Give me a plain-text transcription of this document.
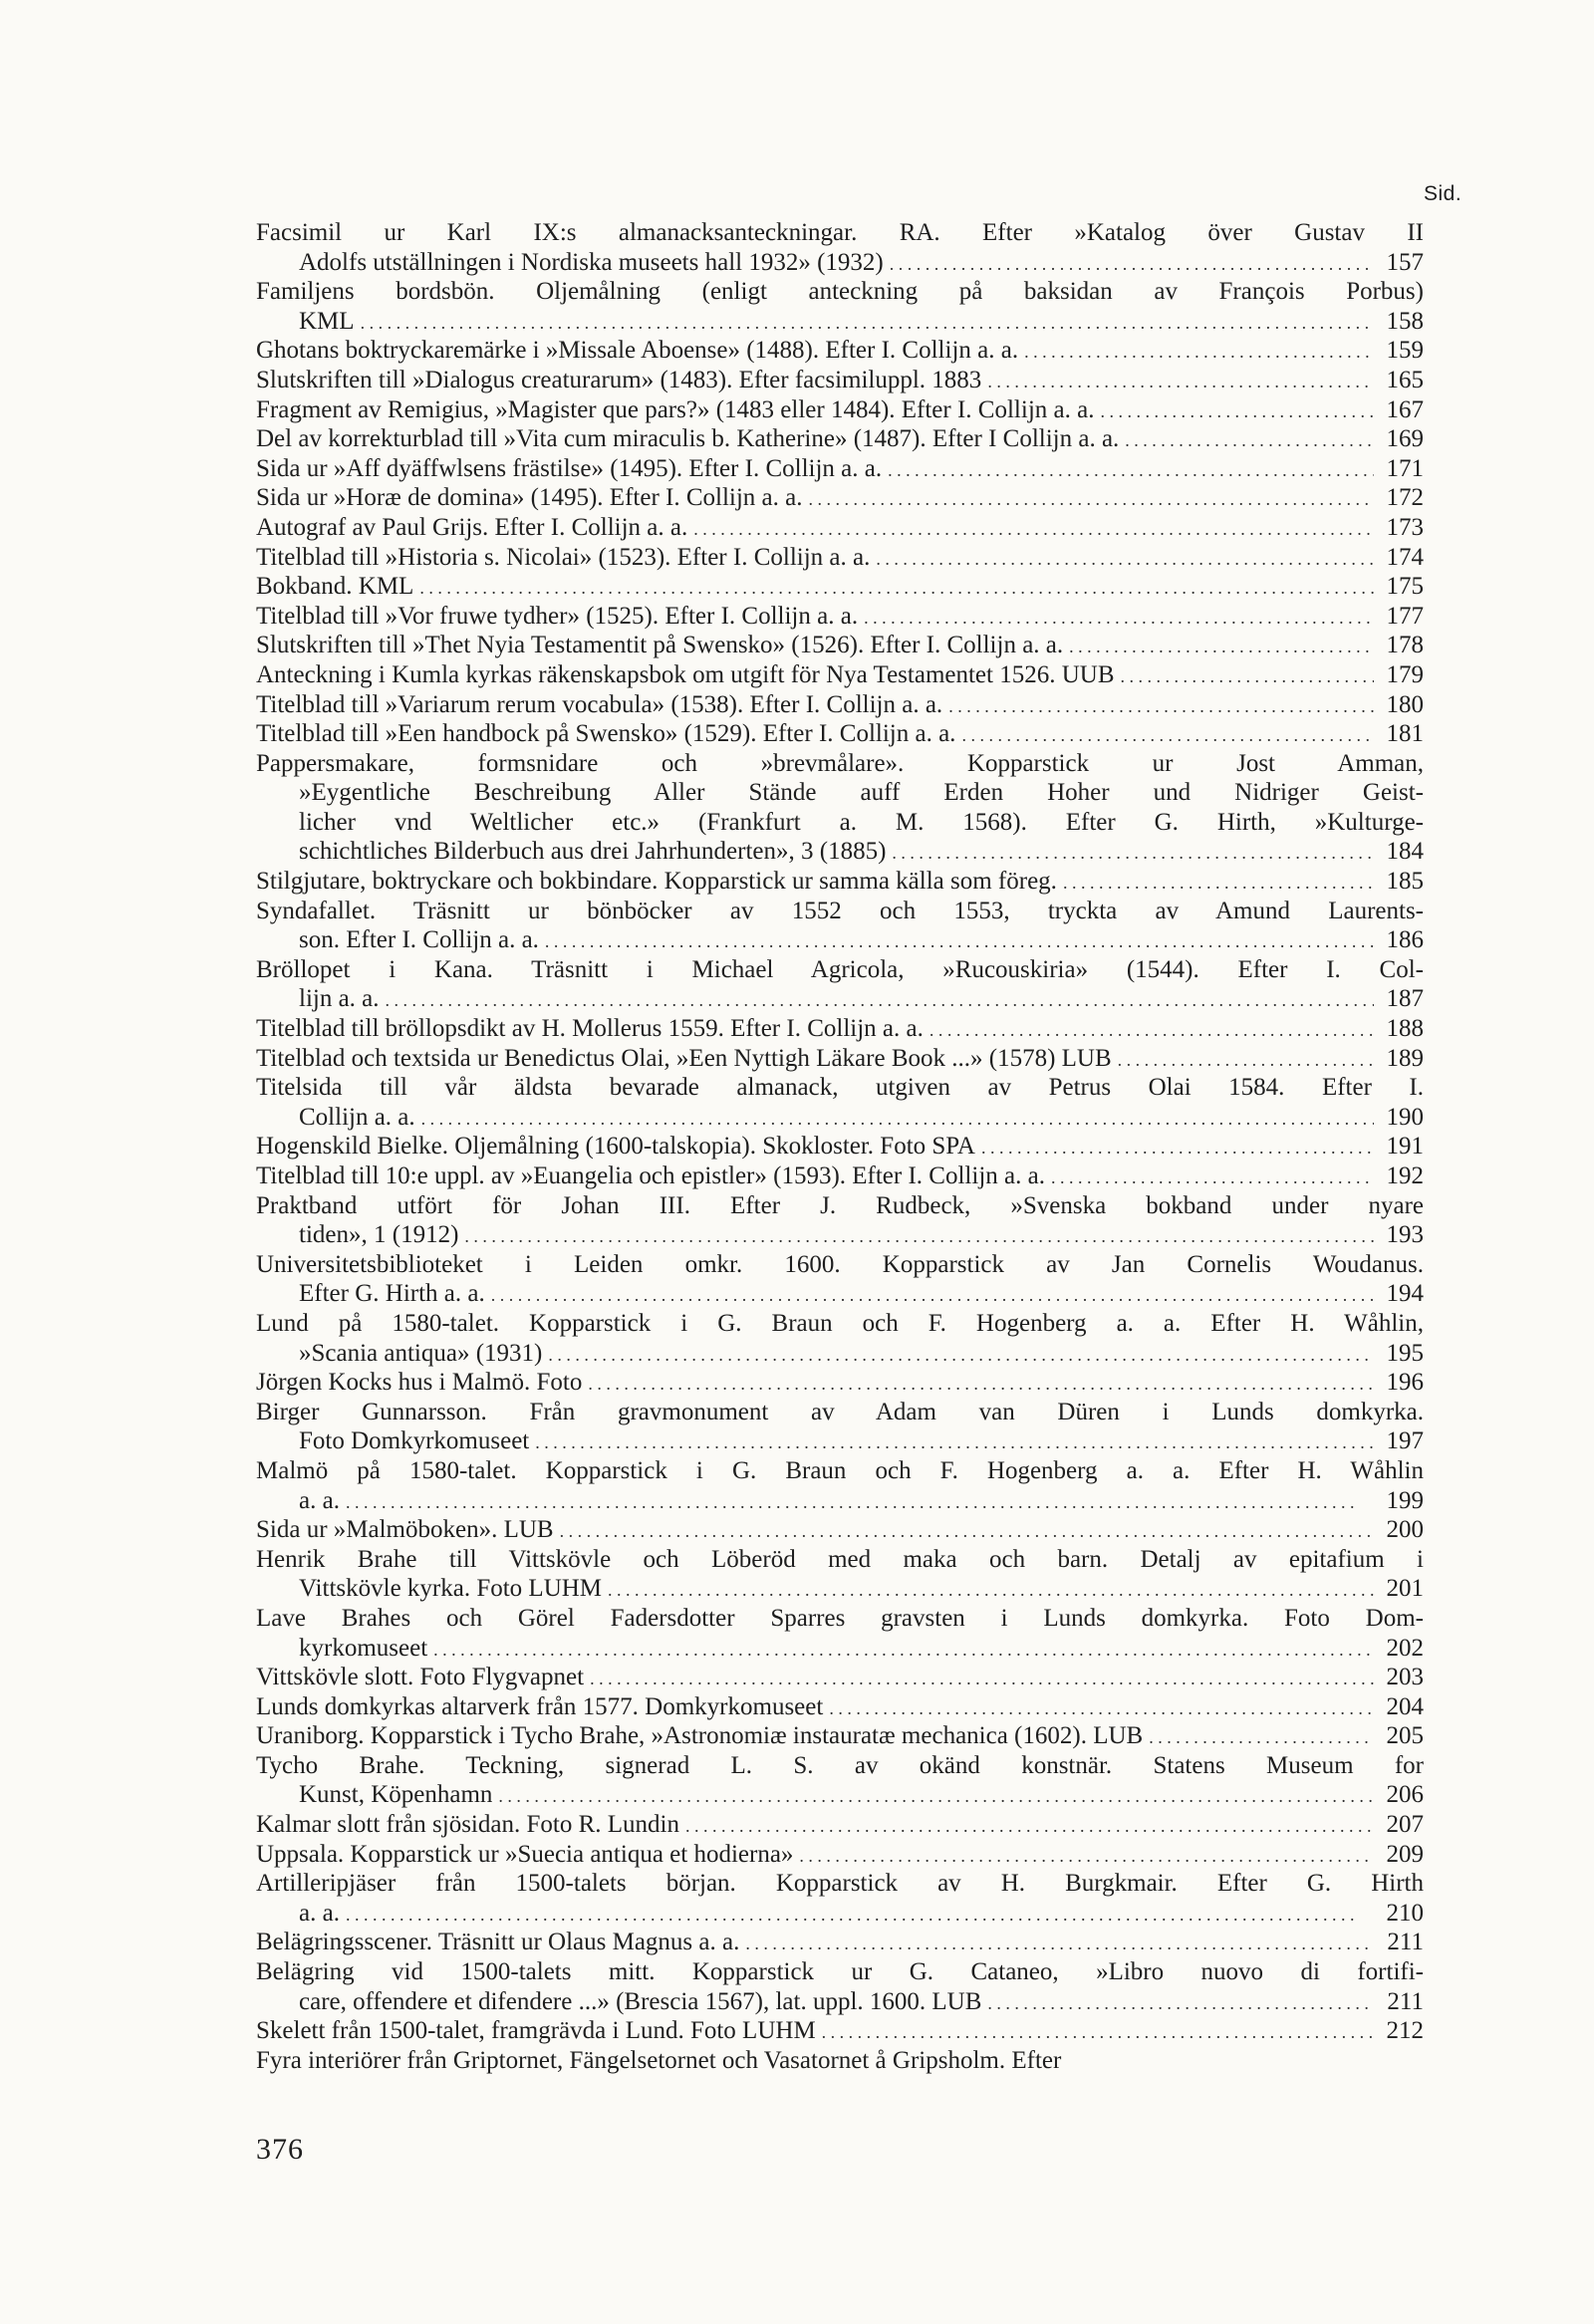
Sid.
Facsimil ur Karl IX:s almanacksanteckningar. RA. Efter »Katalog över Gustav II
Adolfs utställningen i Nordiska museets hall 1932» (1932) . . .	157
Familjens bordsbön. Oljemålning (enligt anteckning på baksidan av François Porbus)
KML . . .	158
Ghotans boktryckaremärke i »Missale Aboense» (1488). Efter I. Collijn a. a. . . .	159
Slutskriften till »Dialogus creaturarum» (1483). Efter facsimiluppl. 1883 . . .	165
Fragment av Remigius, »Magister que pars?» (1483 eller 1484). Efter I. Collijn a. a. . . .	167
Del av korrekturblad till »Vita cum miraculis b. Katherine» (1487). Efter I Collijn a. a. . . .	169
Sida ur »Aff dyäffwlsens frästilse» (1495). Efter I. Collijn a. a. . . .	171
Sida ur »Horæ de domina» (1495). Efter I. Collijn a. a. . . .	172
Autograf av Paul Grijs. Efter I. Collijn a. a. . . .	173
Titelblad till »Historia s. Nicolai» (1523). Efter I. Collijn a. a. . . .	174
Bokband. KML . . .	175
Titelblad till »Vor fruwe tydher» (1525). Efter I. Collijn a. a. . . .	177
Slutskriften till »Thet Nyia Testamentit på Swensko» (1526). Efter I. Collijn a. a. . . .	178
Anteckning i Kumla kyrkas räkenskapsbok om utgift för Nya Testamentet 1526. UUB . . .	179
Titelblad till »Variarum rerum vocabula» (1538). Efter I. Collijn a. a. . . .	180
Titelblad till »Een handbock på Swensko» (1529). Efter I. Collijn a. a. . . .	181
Pappersmakare, formsnidare och »brevmålare». Kopparstick ur Jost Amman,
»Eygentliche Beschreibung Aller Stände auff Erden Hoher und Nidriger Geist-
licher vnd Weltlicher etc.» (Frankfurt a. M. 1568). Efter G. Hirth, »Kulturge-
schichtliches Bilderbuch aus drei Jahrhunderten», 3 (1885) . . .	184
Stilgjutare, boktryckare och bokbindare. Kopparstick ur samma källa som föreg. . . .	185
Syndafallet. Träsnitt ur bönböcker av 1552 och 1553, tryckta av Amund Laurents-
son. Efter I. Collijn a. a. . . .	186
Bröllopet i Kana. Träsnitt i Michael Agricola, »Rucouskiria» (1544). Efter I. Col-
lijn a. a. . . .	187
Titelblad till bröllopsdikt av H. Mollerus 1559. Efter I. Collijn a. a. . . .	188
Titelblad och textsida ur Benedictus Olai, »Een Nyttigh Läkare Book ...» (1578) LUB . . .	189
Titelsida till vår äldsta bevarade almanack, utgiven av Petrus Olai 1584. Efter I.
Collijn a. a. . . .	190
Hogenskild Bielke. Oljemålning (1600-talskopia). Skokloster. Foto SPA . . .	191
Titelblad till 10:e uppl. av »Euangelia och epistler» (1593). Efter I. Collijn a. a. . . .	192
Praktband utfört för Johan III. Efter J. Rudbeck, »Svenska bokband under nyare
tiden», 1 (1912) . . .	193
Universitetsbiblioteket i Leiden omkr. 1600. Kopparstick av Jan Cornelis Woudanus.
Efter G. Hirth a. a. . . .	194
Lund på 1580-talet. Kopparstick i G. Braun och F. Hogenberg a. a. Efter H. Wåhlin,
»Scania antiqua» (1931) . . .	195
Jörgen Kocks hus i Malmö. Foto . . .	196
Birger Gunnarsson. Från gravmonument av Adam van Düren i Lunds domkyrka.
Foto Domkyrkomuseet . . .	197
Malmö på 1580-talet. Kopparstick i G. Braun och F. Hogenberg a. a. Efter H. Wåhlin
a. a. . . .	199
Sida ur »Malmöboken». LUB . . .	200
Henrik Brahe till Vittskövle och Löberöd med maka och barn. Detalj av epitafium i
Vittskövle kyrka. Foto LUHM . . .	201
Lave Brahes och Görel Fadersdotter Sparres gravsten i Lunds domkyrka. Foto Dom-
kyrkomuseet . . .	202
Vittskövle slott. Foto Flygvapnet . . .	203
Lunds domkyrkas altarverk från 1577. Domkyrkomuseet . . .	204
Uraniborg. Kopparstick i Tycho Brahe, »Astronomiæ instauratæ mechanica (1602). LUB . . .	205
Tycho Brahe. Teckning, signerad L. S. av okänd konstnär. Statens Museum for
Kunst, Köpenhamn . . .	206
Kalmar slott från sjösidan. Foto R. Lundin . . .	207
Uppsala. Kopparstick ur »Suecia antiqua et hodierna» . . .	209
Artilleripjäser från 1500-talets början. Kopparstick av H. Burgkmair. Efter G. Hirth
a. a. . . .	210
Belägringsscener. Träsnitt ur Olaus Magnus a. a. . . .	211
Belägring vid 1500-talets mitt. Kopparstick ur G. Cataneo, »Libro nuovo di fortifi-
care, offendere et difendere ...» (Brescia 1567), lat. uppl. 1600. LUB . . .	211
Skelett från 1500-talet, framgrävda i Lund. Foto LUHM . . .	212
Fyra interiörer från Griptornet, Fängelsetornet och Vasatornet å Gripsholm. Efter
376
